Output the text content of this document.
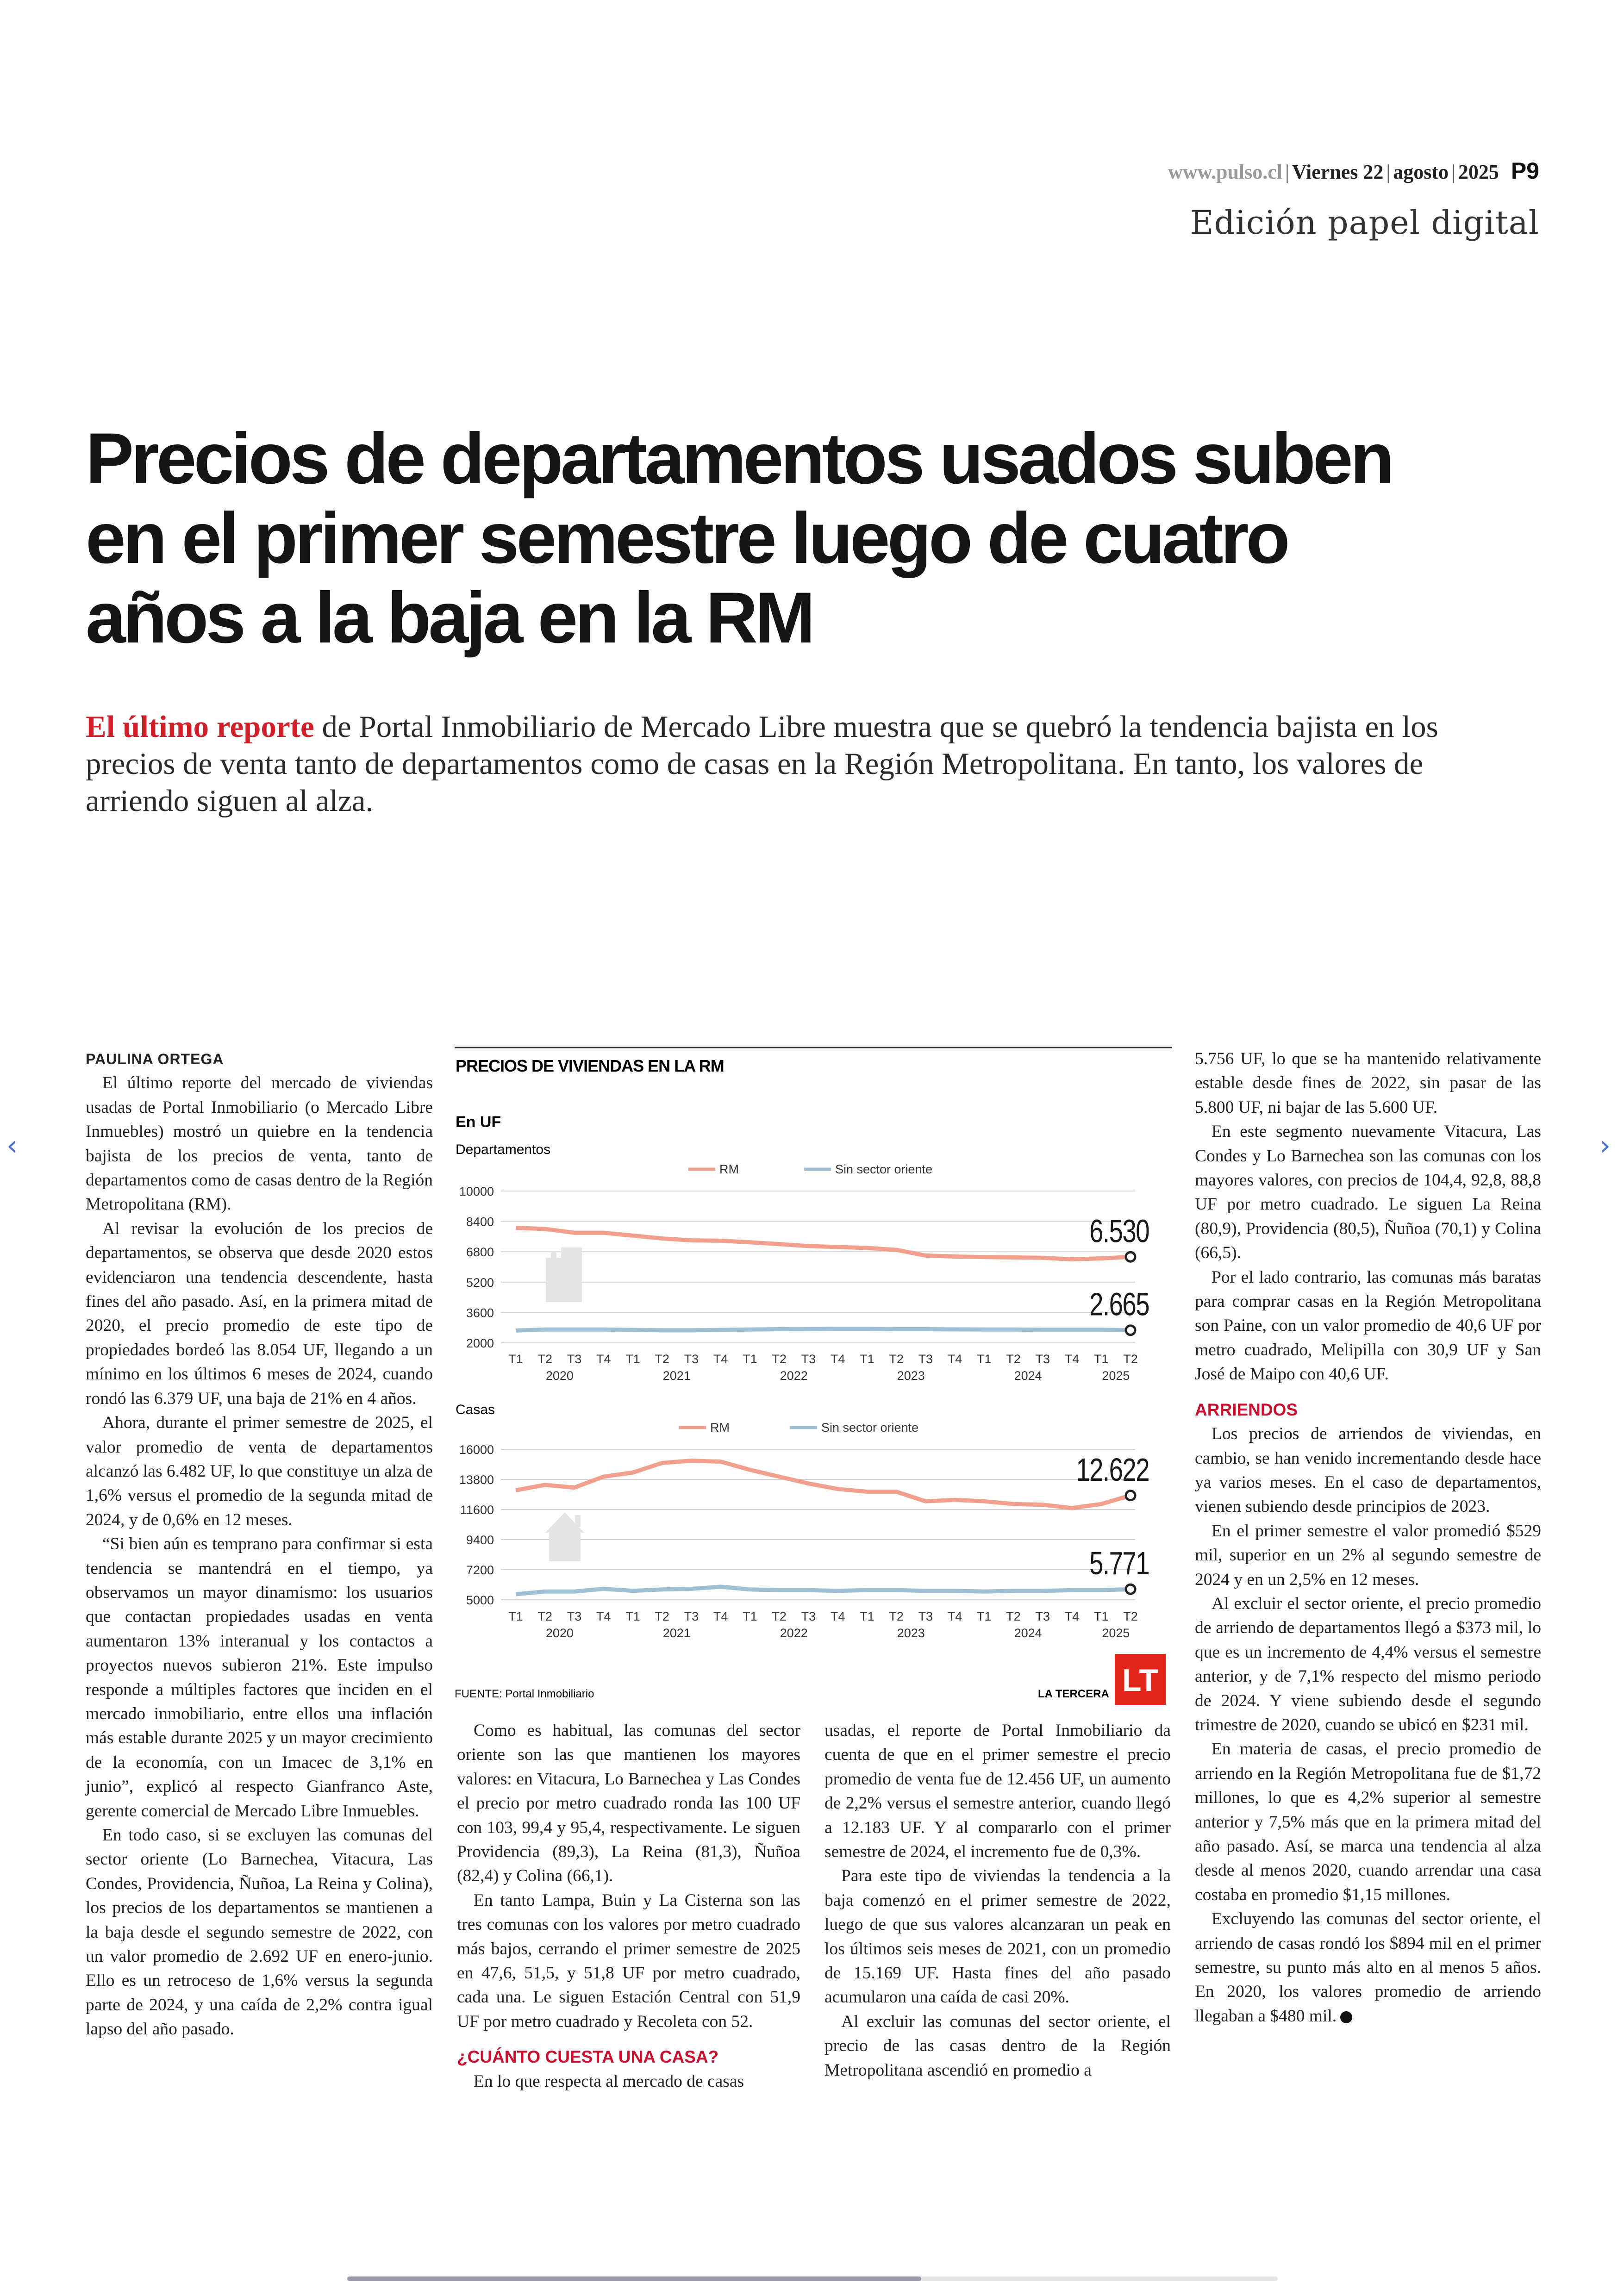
www.pulso.cl | Viernes 22 | agosto | 2025 P9
Edición papel digital
Precios de departamentos usados suben
en el primer semestre luego de cuatro
años a la baja en la RM
El último reporte de Portal Inmobiliario de Mercado Libre muestra que se quebró la tendencia bajista en los precios de venta tanto de departamentos como de casas en la Región Metropolitana. En tanto, los valores de arriendo siguen al alza.
PAULINA ORTEGA

El último reporte del mercado de viviendas usadas de Portal Inmobiliario (o Mercado Libre Inmuebles) mostró un quiebre en la tendencia bajista de los precios de venta, tanto de departamentos como de casas dentro de la Región Metropolitana (RM).

Al revisar la evolución de los precios de departamentos, se observa que desde 2020 estos evidenciaron una tendencia descendente, hasta fines del año pasado. Así, en la primera mitad de 2020, el precio promedio de este tipo de propiedades bordeó las 8.054 UF, llegando a un mínimo en los últimos 6 meses de 2024, cuando rondó las 6.379 UF, una baja de 21% en 4 años.

Ahora, durante el primer semestre de 2025, el valor promedio de venta de departamentos alcanzó las 6.482 UF, lo que constituye un alza de 1,6% versus el promedio de la segunda mitad de 2024, y de 0,6% en 12 meses.

“Si bien aún es temprano para confirmar si esta tendencia se mantendrá en el tiempo, ya observamos un mayor dinamismo: los usuarios que contactan propiedades usadas en venta aumentaron 13% interanual y los contactos a proyectos nuevos subieron 21%. Este impulso responde a múltiples factores que inciden en el mercado inmobiliario, entre ellos una inflación más estable durante 2025 y un mayor crecimiento de la economía, con un Imacec de 3,1% en junio”, explicó al respecto Gianfranco Aste, gerente comercial de Mercado Libre Inmuebles.

En todo caso, si se excluyen las comunas del sector oriente (Lo Barnechea, Vitacura, Las Condes, Providencia, Ñuñoa, La Reina y Colina), los precios de los departamentos se mantienen a la baja desde el segundo semestre de 2022, con un valor promedio de 2.692 UF en enero-junio. Ello es un retroceso de 1,6% versus la segunda parte de 2024, y una caída de 2,2% contra igual lapso del año pasado.

PRECIOS DE VIVIENDAS EN LA RM
En UF
Departamentos
Casas
10000
8400
6800
5200
3600
2000
T1 T2 T3 T4 T1 T2 T3 T4 T1 T2 T3 T4 T1 T2 T3 T4 T1 T2 T3 T4 T1 T2
2020	2021	2022	2023	2024	2025
RM	Sin sector oriente
6.530
2.665
16000
13800
11600
9400
7200
5000
T1 T2 T3 T4 T1 T2 T3 T4 T1 T2 T3 T4 T1 T2 T3 T4 T1 T2 T3 T4 T1 T2
2020	2021	2022	2023	2024	2025
RM	Sin sector oriente
12.622
5.771
FUENTE: Portal Inmobiliario	LA TERCERA LT

Como es habitual, las comunas del sector oriente son las que mantienen los mayores valores: en Vitacura, Lo Barnechea y Las Condes el precio por metro cuadrado ronda las 100 UF con 103, 99,4 y 95,4, respectivamente. Le siguen Providencia (89,3), La Reina (81,3), Ñuñoa (82,4) y Colina (66,1).

En tanto Lampa, Buin y La Cisterna son las tres comunas con los valores por metro cuadrado más bajos, cerrando el primer semestre de 2025 en 47,6, 51,5, y 51,8 UF por metro cuadrado, cada una. Le siguen Estación Central con 51,9 UF por metro cuadrado y Recoleta con 52.

¿CUÁNTO CUESTA UNA CASA?

En lo que respecta al mercado de casas

usadas, el reporte de Portal Inmobiliario da cuenta de que en el primer semestre el precio promedio de venta fue de 12.456 UF, un aumento de 2,2% versus el semestre anterior, cuando llegó a 12.183 UF. Y al compararlo con el primer semestre de 2024, el incremento fue de 0,3%.

Para este tipo de viviendas la tendencia a la baja comenzó en el primer semestre de 2022, luego de que sus valores alcanzaran un peak en los últimos seis meses de 2021, con un promedio de 15.169 UF. Hasta fines del año pasado acumularon una caída de casi 20%.

Al excluir las comunas del sector oriente, el precio de las casas dentro de la Región Metropolitana ascendió en promedio a

5.756 UF, lo que se ha mantenido relativamente estable desde fines de 2022, sin pasar de las 5.800 UF, ni bajar de las 5.600 UF.

En este segmento nuevamente Vitacura, Las Condes y Lo Barnechea son las comunas con los mayores valores, con precios de 104,4, 92,8, 88,8 UF por metro cuadrado. Le siguen La Reina (80,9), Providencia (80,5), Ñuñoa (70,1) y Colina (66,5).

Por el lado contrario, las comunas más baratas para comprar casas en la Región Metropolitana son Paine, con un valor promedio de 40,6 UF por metro cuadrado, Melipilla con 30,9 UF y San José de Maipo con 40,6 UF.

ARRIENDOS

Los precios de arriendos de viviendas, en cambio, se han venido incrementando desde hace ya varios meses. En el caso de departamentos, vienen subiendo desde principios de 2023.

En el primer semestre el valor promedió $529 mil, superior en un 2% al segundo semestre de 2024 y en un 2,5% en 12 meses.

Al excluir el sector oriente, el precio promedio de arriendo de departamentos llegó a $373 mil, lo que es un incremento de 4,4% versus el semestre anterior, y de 7,1% respecto del mismo periodo de 2024. Y viene subiendo desde el segundo trimestre de 2020, cuando se ubicó en $231 mil.

En materia de casas, el precio promedio de arriendo en la Región Metropolitana fue de $1,72 millones, lo que es 4,2% superior al semestre anterior y 7,5% más que en la primera mitad del año pasado. Así, se marca una tendencia al alza desde al menos 2020, cuando arrendar una casa costaba en promedio $1,15 millones.

Excluyendo las comunas del sector oriente, el arriendo de casas rondó los $894 mil en el primer semestre, su punto más alto en al menos 5 años. En 2020, los valores promedio de arriendo llegaban a $480 mil.

‹	›
